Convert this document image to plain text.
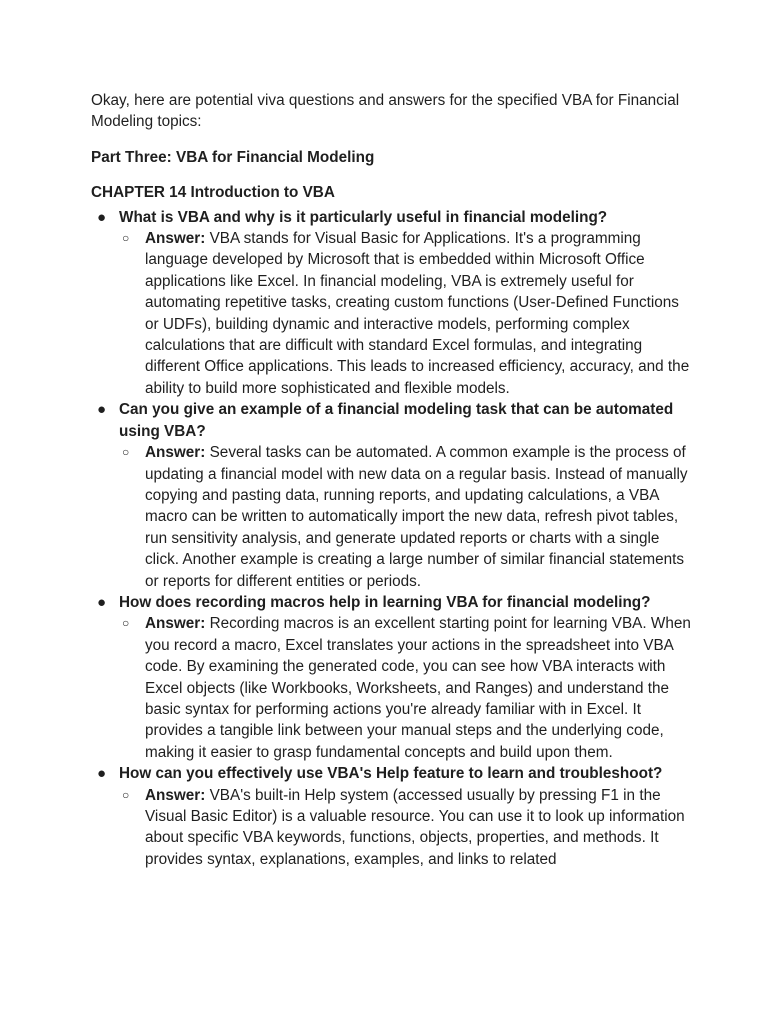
Okay, here are potential viva questions and answers for the specified VBA for Financial Modeling topics:

Part Three: VBA for Financial Modeling

CHAPTER 14 Introduction to VBA

● What is VBA and why is it particularly useful in financial modeling?
○ Answer: VBA stands for Visual Basic for Applications. It's a programming language developed by Microsoft that is embedded within Microsoft Office applications like Excel. In financial modeling, VBA is extremely useful for automating repetitive tasks, creating custom functions (User-Defined Functions or UDFs), building dynamic and interactive models, performing complex calculations that are difficult with standard Excel formulas, and integrating different Office applications. This leads to increased efficiency, accuracy, and the ability to build more sophisticated and flexible models.
● Can you give an example of a financial modeling task that can be automated using VBA?
○ Answer: Several tasks can be automated. A common example is the process of updating a financial model with new data on a regular basis. Instead of manually copying and pasting data, running reports, and updating calculations, a VBA macro can be written to automatically import the new data, refresh pivot tables, run sensitivity analysis, and generate updated reports or charts with a single click. Another example is creating a large number of similar financial statements or reports for different entities or periods.
● How does recording macros help in learning VBA for financial modeling?
○ Answer: Recording macros is an excellent starting point for learning VBA. When you record a macro, Excel translates your actions in the spreadsheet into VBA code. By examining the generated code, you can see how VBA interacts with Excel objects (like Workbooks, Worksheets, and Ranges) and understand the basic syntax for performing actions you're already familiar with in Excel. It provides a tangible link between your manual steps and the underlying code, making it easier to grasp fundamental concepts and build upon them.
● How can you effectively use VBA's Help feature to learn and troubleshoot?
○ Answer: VBA's built-in Help system (accessed usually by pressing F1 in the Visual Basic Editor) is a valuable resource. You can use it to look up information about specific VBA keywords, functions, objects, properties, and methods. It provides syntax, explanations, examples, and links to related
